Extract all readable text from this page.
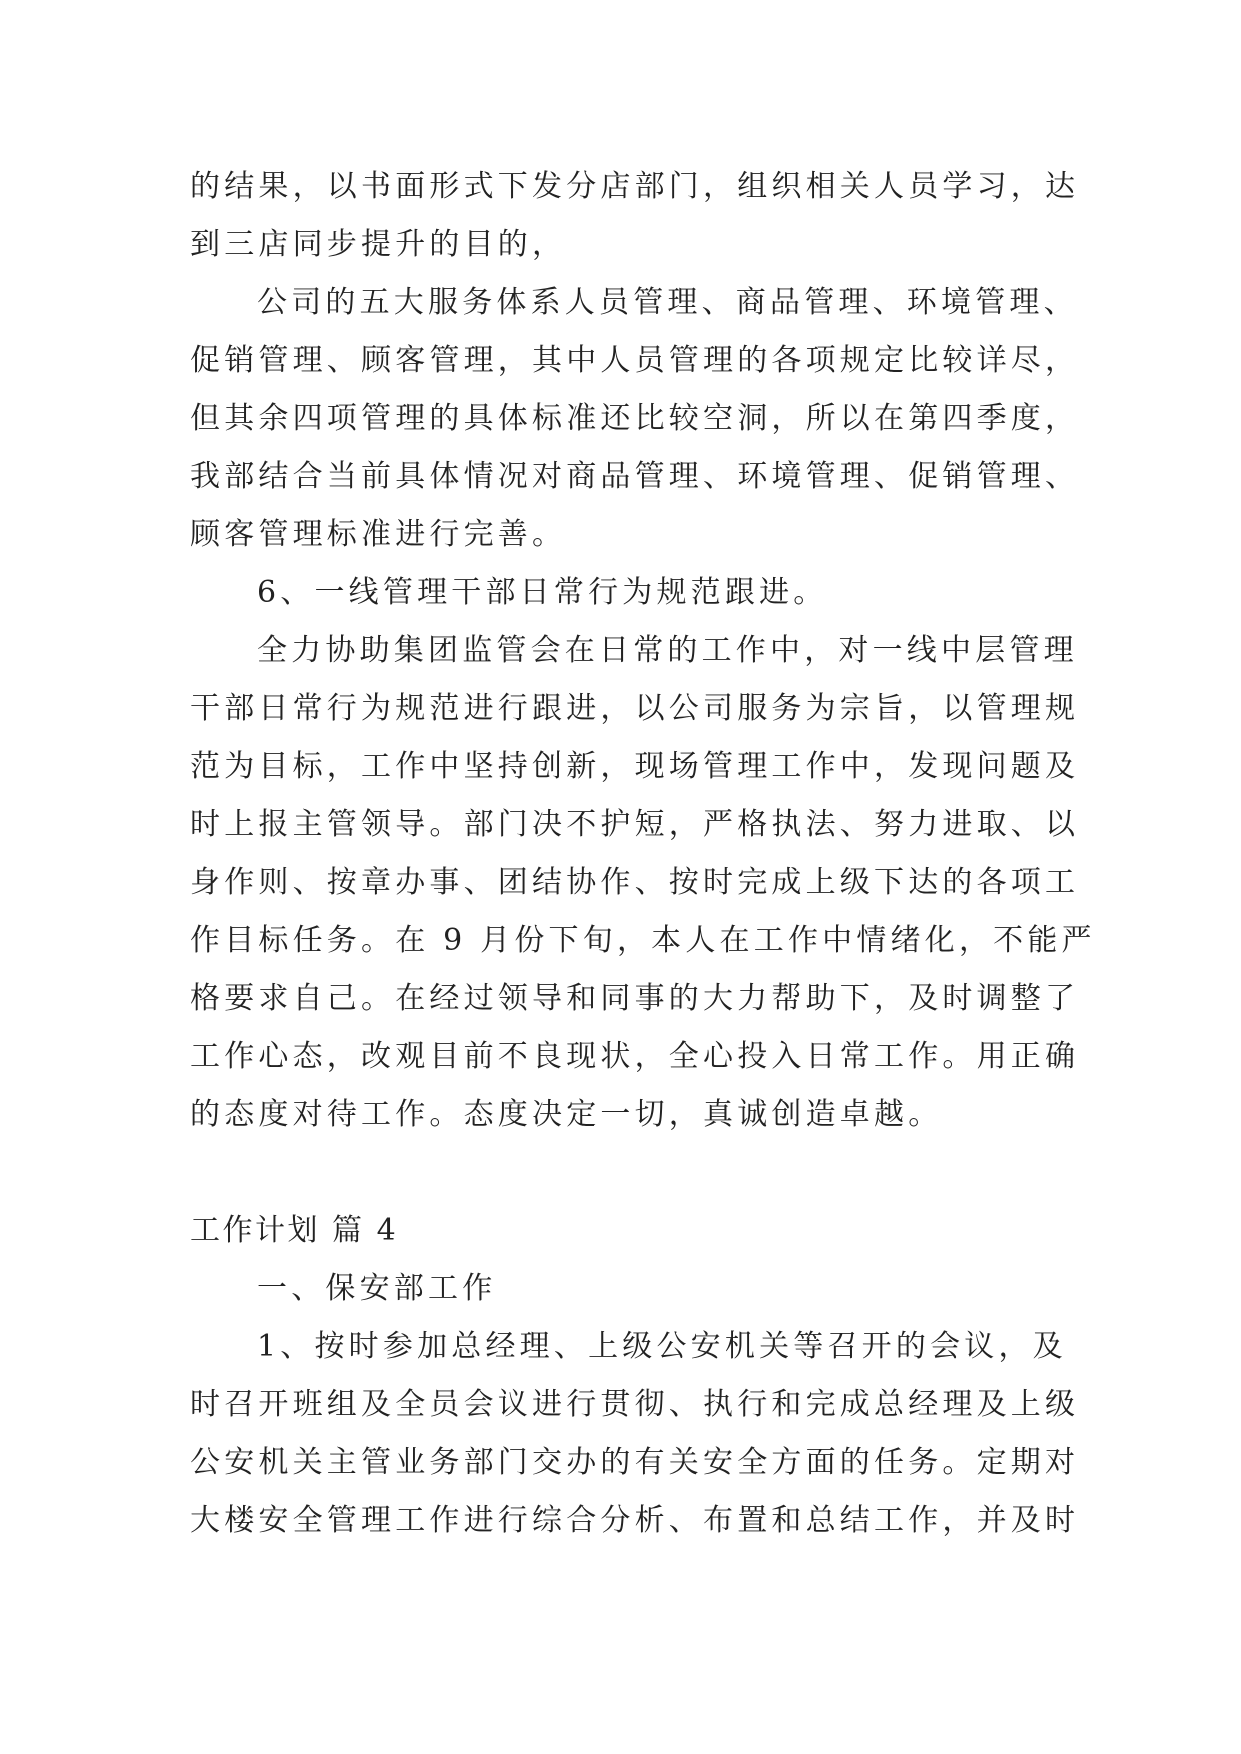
的结果，以书面形式下发分店部门，组织相关人员学习，达
到三店同步提升的目的，
公司的五大服务体系人员管理、商品管理、环境管理、
促销管理、顾客管理，其中人员管理的各项规定比较详尽，
但其余四项管理的具体标准还比较空洞，所以在第四季度，
我部结合当前具体情况对商品管理、环境管理、促销管理、
顾客管理标准进行完善。
6、一线管理干部日常行为规范跟进。
全力协助集团监管会在日常的工作中，对一线中层管理
干部日常行为规范进行跟进，以公司服务为宗旨，以管理规
范为目标，工作中坚持创新，现场管理工作中，发现问题及
时上报主管领导。部门决不护短，严格执法、努力进取、以
身作则、按章办事、团结协作、按时完成上级下达的各项工
作目标任务。在 9 月份下旬，本人在工作中情绪化，不能严
格要求自己。在经过领导和同事的大力帮助下，及时调整了
工作心态，改观目前不良现状，全心投入日常工作。用正确
的态度对待工作。态度决定一切，真诚创造卓越。
工作计划 篇 4
一、保安部工作
1、按时参加总经理、上级公安机关等召开的会议，及
时召开班组及全员会议进行贯彻、执行和完成总经理及上级
公安机关主管业务部门交办的有关安全方面的任务。定期对
大楼安全管理工作进行综合分析、布置和总结工作，并及时
